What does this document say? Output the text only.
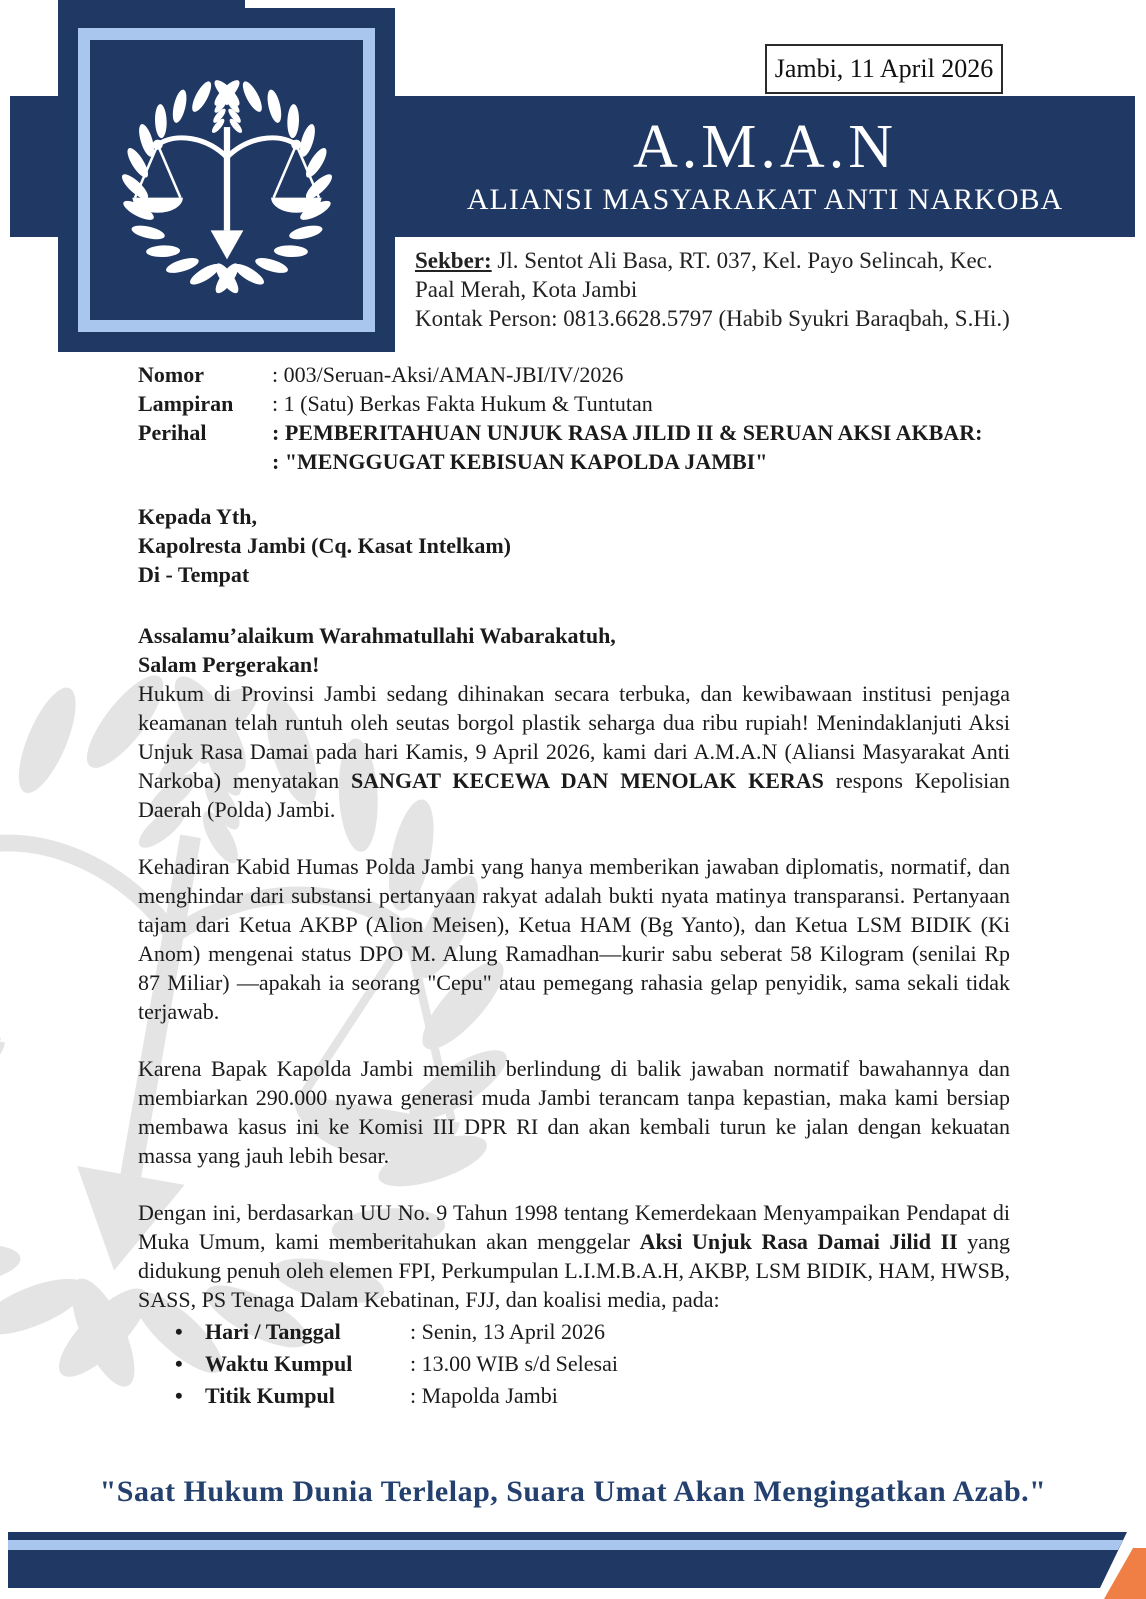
Jambi, 11 April 2026
A.M.A.N
ALIANSI MASYARAKAT ANTI NARKOBA
Sekber: Jl. Sentot Ali Basa, RT. 037, Kel. Payo Selincah, Kec. Paal Merah, Kota Jambi
Kontak Person: 0813.6628.5797 (Habib Syukri Baraqbah, S.Hi.)
Nomor	: 003/Seruan-Aksi/AMAN-JBI/IV/2026
Lampiran	: 1 (Satu) Berkas Fakta Hukum & Tuntutan
Perihal	: PEMBERITAHUAN UNJUK RASA JILID II & SERUAN AKSI AKBAR:
: "MENGGUGAT KEBISUAN KAPOLDA JAMBI"
Kepada Yth,
Kapolresta Jambi (Cq. Kasat Intelkam)
Di - Tempat
Assalamu’alaikum Warahmatullahi Wabarakatuh,
Salam Pergerakan!

Hukum di Provinsi Jambi sedang dihinakan secara terbuka, dan kewibawaan institusi penjaga keamanan telah runtuh oleh seutas borgol plastik seharga dua ribu rupiah! Menindaklanjuti Aksi Unjuk Rasa Damai pada hari Kamis, 9 April 2026, kami dari A.M.A.N (Aliansi Masyarakat Anti Narkoba) menyatakan SANGAT KECEWA DAN MENOLAK KERAS respons Kepolisian Daerah (Polda) Jambi.

Kehadiran Kabid Humas Polda Jambi yang hanya memberikan jawaban diplomatis, normatif, dan menghindar dari substansi pertanyaan rakyat adalah bukti nyata matinya transparansi. Pertanyaan tajam dari Ketua AKBP (Alion Meisen), Ketua HAM (Bg Yanto), dan Ketua LSM BIDIK (Ki Anom) mengenai status DPO M. Alung Ramadhan—kurir sabu seberat 58 Kilogram (senilai Rp 87 Miliar) —apakah ia seorang "Cepu" atau pemegang rahasia gelap penyidik, sama sekali tidak terjawab.

Karena Bapak Kapolda Jambi memilih berlindung di balik jawaban normatif bawahannya dan membiarkan 290.000 nyawa generasi muda Jambi terancam tanpa kepastian, maka kami bersiap membawa kasus ini ke Komisi III DPR RI dan akan kembali turun ke jalan dengan kekuatan massa yang jauh lebih besar.

Dengan ini, berdasarkan UU No. 9 Tahun 1998 tentang Kemerdekaan Menyampaikan Pendapat di Muka Umum, kami memberitahukan akan menggelar Aksi Unjuk Rasa Damai Jilid II yang didukung penuh oleh elemen FPI, Perkumpulan L.I.M.B.A.H, AKBP, LSM BIDIK, HAM, HWSB, SASS, PS Tenaga Dalam Kebatinan, FJJ, dan koalisi media, pada:

• Hari / Tanggal	: Senin, 13 April 2026
• Waktu Kumpul	: 13.00 WIB s/d Selesai
• Titik Kumpul	: Mapolda Jambi
"Saat Hukum Dunia Terlelap, Suara Umat Akan Mengingatkan Azab."
